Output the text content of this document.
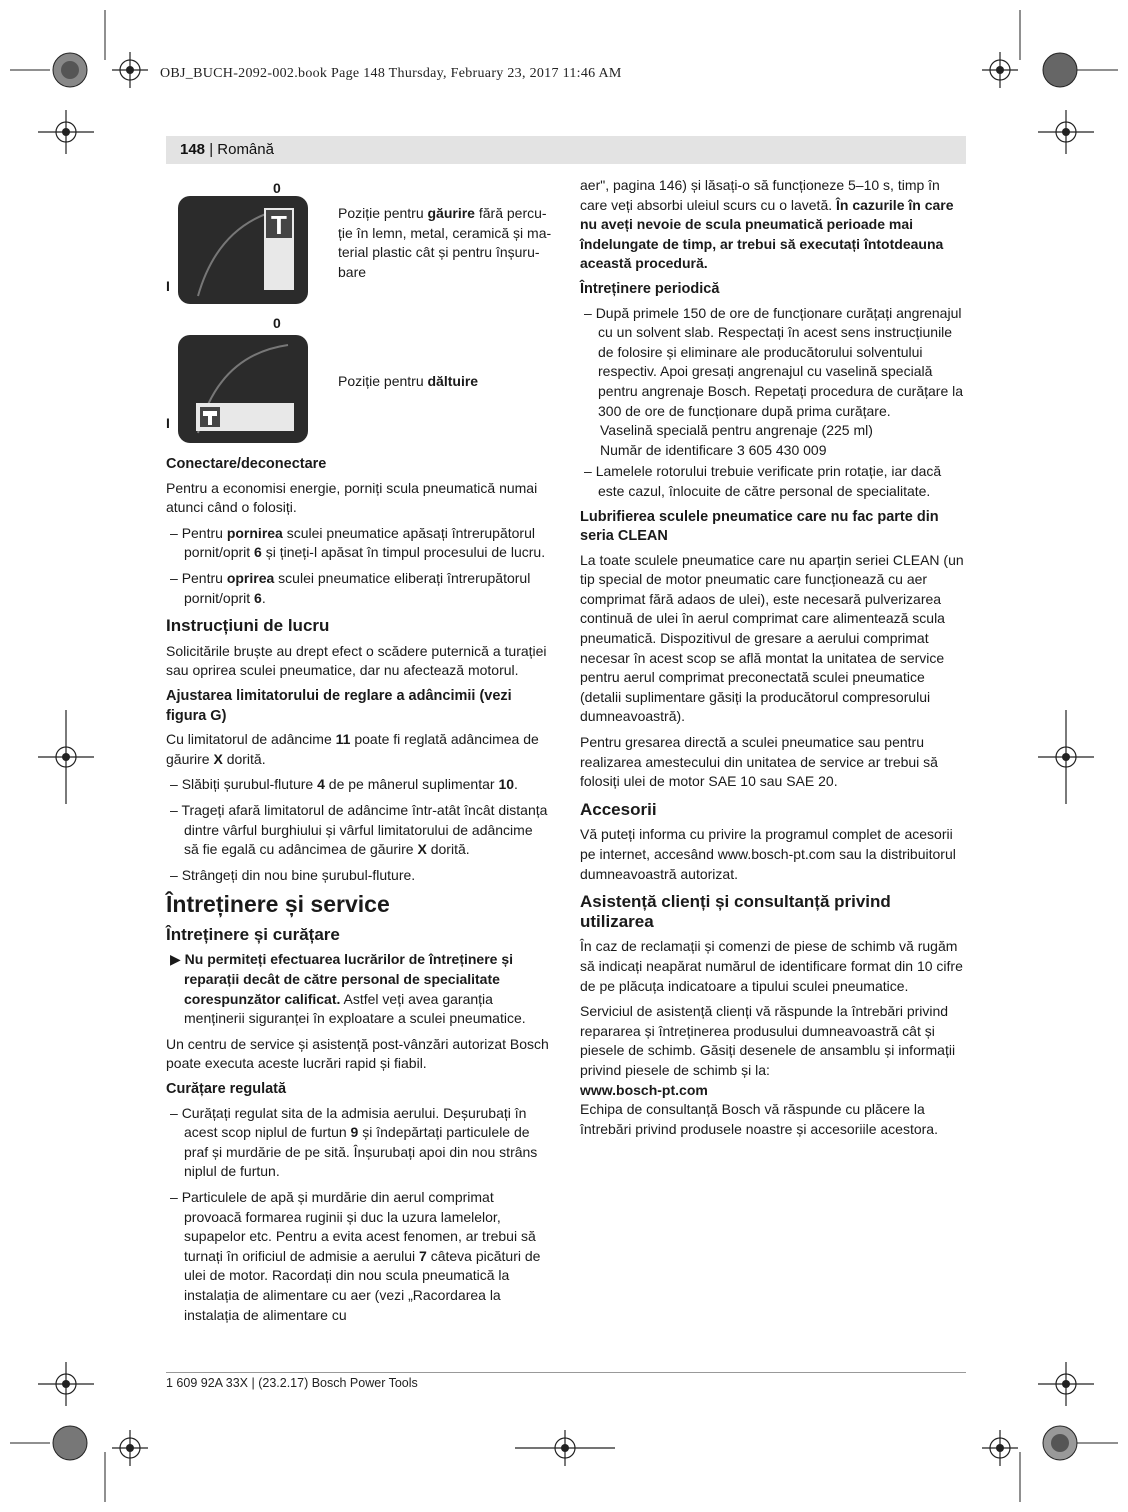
OBJ_BUCH-2092-002.book Page 148 Thursday, February 23, 2017 11:46 AM
148 | Română
0
I
T	Poziție pentru găurire fără percu-ție în lemn, metal, ceramică și ma-terial plastic cât și pentru înșuru-bare
0
I
Poziție pentru dăltuire
Conectare/deconectare

Pentru a economisi energie, porniți scula pneumatică numai atunci când o folosiți.

– Pentru pornirea sculei pneumatice apăsați întrerupătorul pornit/oprit 6 și țineți-l apăsat în timpul procesului de lucru.

– Pentru oprirea sculei pneumatice eliberați întrerupătorul pornit/oprit 6.

Instrucțiuni de lucru

Solicitările bruște au drept efect o scădere puternică a turației sau oprirea sculei pneumatice, dar nu afectează motorul.

Ajustarea limitatorului de reglare a adâncimii (vezi figura G)

Cu limitatorul de adâncime 11 poate fi reglată adâncimea de găurire X dorită.

– Slăbiți șurubul-fluture 4 de pe mânerul suplimentar 10.

– Trageți afară limitatorul de adâncime într-atât încât distanța dintre vârful burghiului și vârful limitatorului de adâncime să fie egală cu adâncimea de găurire X dorită.

– Strângeți din nou bine șurubul-fluture.

Întreținere și service
Întreținere și curățare

▶ Nu permiteți efectuarea lucrărilor de întreținere și reparații decât de către personal de specialitate corespunzător calificat. Astfel veți avea garanția menținerii siguranței în exploatare a sculei pneumatice.

Un centru de service și asistență post-vânzări autorizat Bosch poate executa aceste lucrări rapid și fiabil.

Curățare regulată

– Curățați regulat sita de la admisia aerului. Deșurubați în acest scop niplul de furtun 9 și îndepărtați particulele de praf și murdărie de pe sită. Înșurubați apoi din nou strâns niplul de furtun.

– Particulele de apă și murdărie din aerul comprimat provoacă formarea ruginii și duc la uzura lamelelor, supapelor etc. Pentru a evita acest fenomen, ar trebui să turnați în orificiul de admisie a aerului 7 câteva picături de ulei de motor. Racordați din nou scula pneumatică la instalația de alimentare cu aer (vezi „Racordarea la instalația de alimentare cu

aer", pagina 146) și lăsați-o să funcționeze 5–10 s, timp în care veți absorbi uleiul scurs cu o lavetă. În cazurile în care nu aveți nevoie de scula pneumatică perioade mai îndelungate de timp, ar trebui să executați întotdeauna această procedură.

Întreținere periodică

– După primele 150 de ore de funcționare curățați angrenajul cu un solvent slab. Respectați în acest sens instrucțiunile de folosire și eliminare ale producătorului solventului respectiv. Apoi gresați angrenajul cu vaselină specială pentru angrenaje Bosch. Repetați procedura de curățare la 300 de ore de funcționare după prima curățare.

Vaselină specială pentru angrenaje (225 ml)

Număr de identificare 3 605 430 009

– Lamelele rotorului trebuie verificate prin rotație, iar dacă este cazul, înlocuite de către personal de specialitate.

Lubrifierea sculele pneumatice care nu fac parte din seria CLEAN

La toate sculele pneumatice care nu aparțin seriei CLEAN (un tip special de motor pneumatic care funcționează cu aer comprimat fără adaos de ulei), este necesară pulverizarea continuă de ulei în aerul comprimat care alimentează scula pneumatică. Dispozitivul de gresare a aerului comprimat necesar în acest scop se află montat la unitatea de service pentru aerul comprimat preconectată sculei pneumatice (detalii suplimentare găsiți la producătorul compresorului dumneavoastră).

Pentru gresarea directă a sculei pneumatice sau pentru realizarea amestecului din unitatea de service ar trebui să folosiți ulei de motor SAE 10 sau SAE 20.

Accesorii

Vă puteți informa cu privire la programul complet de acesorii pe internet, accesând www.bosch-pt.com sau la distribuitorul dumneavoastră autorizat.

Asistență clienți și consultanță privind utilizarea

În caz de reclamații și comenzi de piese de schimb vă rugăm să indicați neapărat numărul de identificare format din 10 cifre de pe plăcuța indicatoare a tipului sculei pneumatice.

Serviciul de asistență clienți vă răspunde la întrebări privind repararea și întreținerea produsului dumneavoastră cât și piesele de schimb. Găsiți desenele de ansamblu și informații privind piesele de schimb și la:

www.bosch-pt.com

Echipa de consultanță Bosch vă răspunde cu plăcere la întrebări privind produsele noastre și accesoriile acestora.

1 609 92A 33X | (23.2.17) Bosch Power Tools
